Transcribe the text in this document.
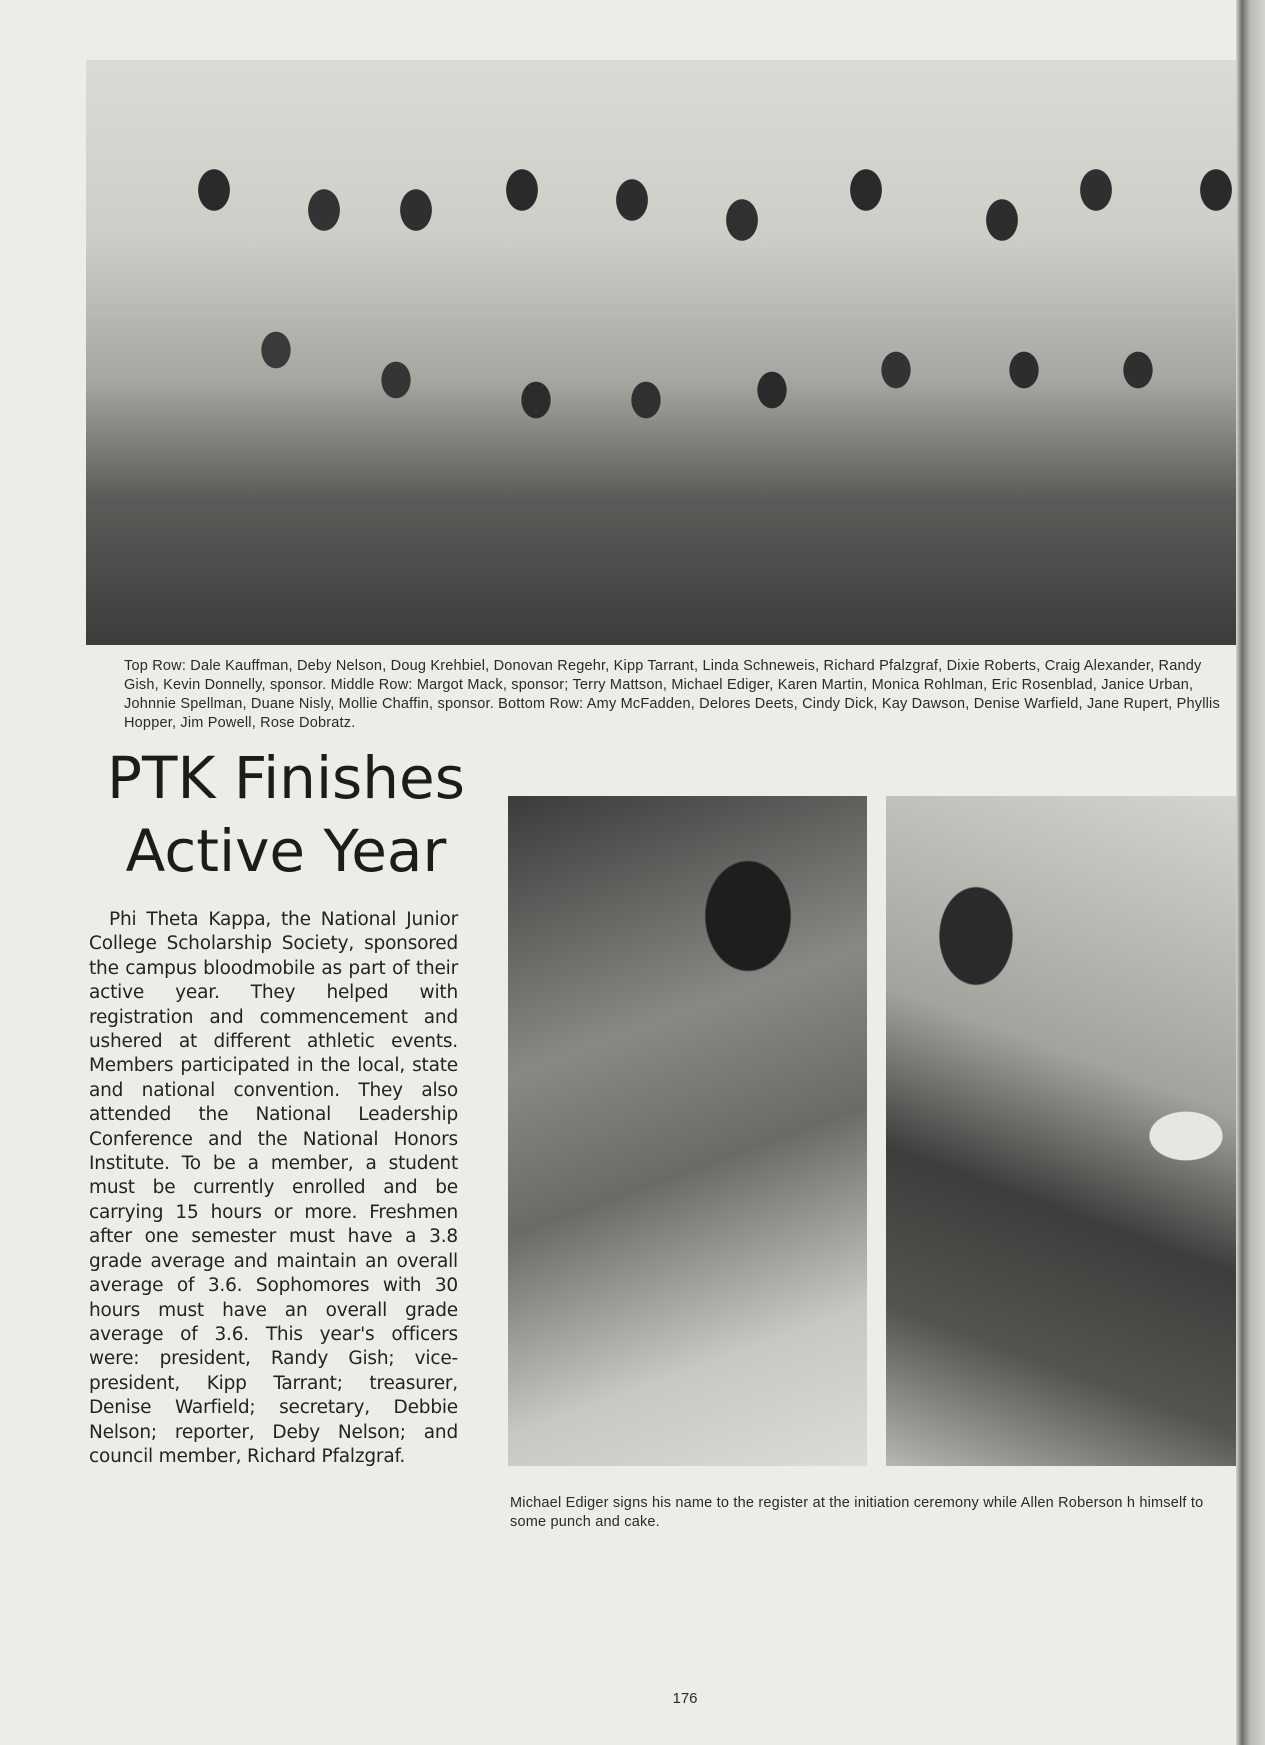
Top Row: Dale Kauffman, Deby Nelson, Doug Krehbiel, Donovan Regehr, Kipp Tarrant, Linda Schneweis, Richard Pfalzgraf, Dixie Roberts, Craig Alexander, Randy Gish, Kevin Donnelly, sponsor. Middle Row: Margot Mack, sponsor; Terry Mattson, Michael Ediger, Karen Martin, Monica Rohlman, Eric Rosenblad, Janice Urban, Johnnie Spellman, Duane Nisly, Mollie Chaffin, sponsor. Bottom Row: Amy McFadden, Delores Deets, Cindy Dick, Kay Dawson, Denise Warfield, Jane Rupert, Phyllis Hopper, Jim Powell, Rose Dobratz.
PTK Finishes Active Year

Phi Theta Kappa, the National Junior College Scholarship Society, sponsored the campus bloodmobile as part of their active year. They helped with registration and commencement and ushered at different athletic events. Members participated in the local, state and national convention. They also attended the National Leadership Conference and the National Honors Institute. To be a member, a student must be currently enrolled and be carrying 15 hours or more. Freshmen after one semester must have a 3.8 grade average and maintain an overall average of 3.6. Sophomores with 30 hours must have an overall grade average of 3.6. This year's officers were: president, Randy Gish; vice-president, Kipp Tarrant; treasurer, Denise Warfield; secretary, Debbie Nelson; reporter, Deby Nelson; and council member, Richard Pfalzgraf.

Michael Ediger signs his name to the register at the initiation ceremony while Allen Roberson h himself to some punch and cake.
176
